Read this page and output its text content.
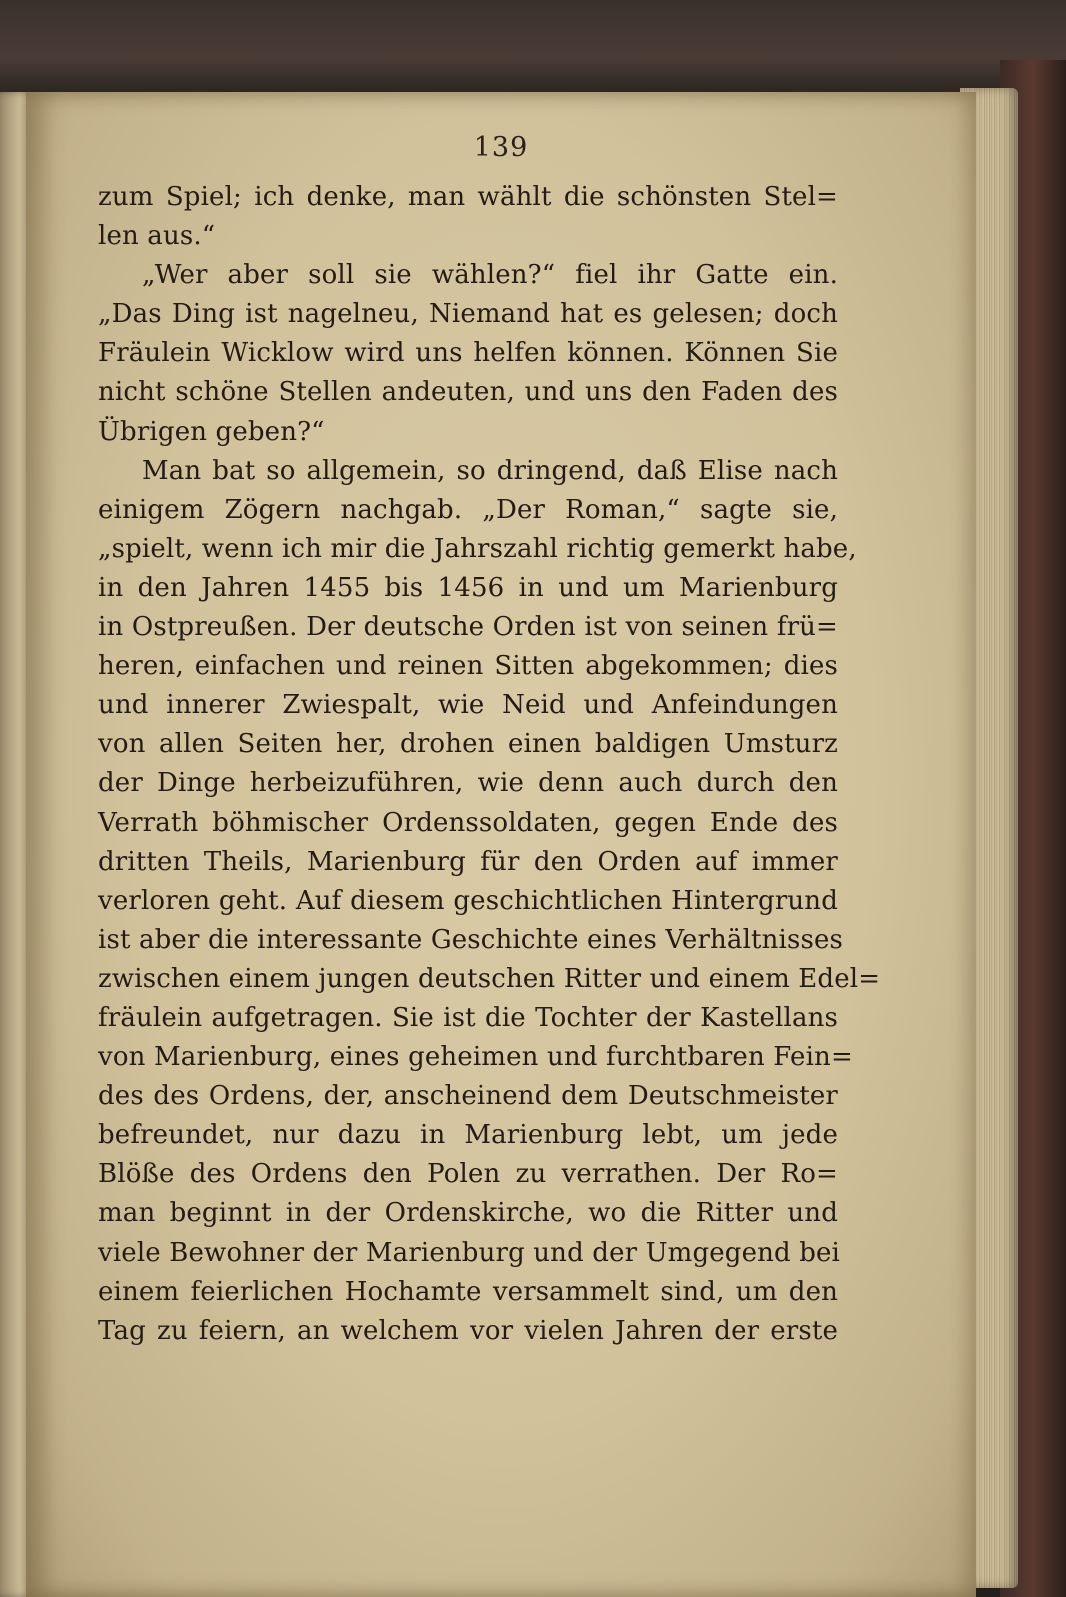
139
zum Spiel; ich denke, man wählt die schönsten Stel=
len aus.“
„Wer aber soll sie wählen?“ fiel ihr Gatte ein.
„Das Ding ist nagelneu, Niemand hat es gelesen; doch
Fräulein Wicklow wird uns helfen können. Können Sie
nicht schöne Stellen andeuten, und uns den Faden des
Übrigen geben?“
Man bat so allgemein, so dringend, daß Elise nach
einigem Zögern nachgab. „Der Roman,“ sagte sie,
„spielt, wenn ich mir die Jahrszahl richtig gemerkt habe,
in den Jahren 1455 bis 1456 in und um Marienburg
in Ostpreußen. Der deutsche Orden ist von seinen frü=
heren, einfachen und reinen Sitten abgekommen; dies
und innerer Zwiespalt, wie Neid und Anfeindungen
von allen Seiten her, drohen einen baldigen Umsturz
der Dinge herbeizuführen, wie denn auch durch den
Verrath böhmischer Ordenssoldaten, gegen Ende des
dritten Theils, Marienburg für den Orden auf immer
verloren geht. Auf diesem geschichtlichen Hintergrund
ist aber die interessante Geschichte eines Verhältnisses
zwischen einem jungen deutschen Ritter und einem Edel=
fräulein aufgetragen. Sie ist die Tochter der Kastellans
von Marienburg, eines geheimen und furchtbaren Fein=
des des Ordens, der, anscheinend dem Deutschmeister
befreundet, nur dazu in Marienburg lebt, um jede
Blöße des Ordens den Polen zu verrathen. Der Ro=
man beginnt in der Ordenskirche, wo die Ritter und
viele Bewohner der Marienburg und der Umgegend bei
einem feierlichen Hochamte versammelt sind, um den
Tag zu feiern, an welchem vor vielen Jahren der erste
